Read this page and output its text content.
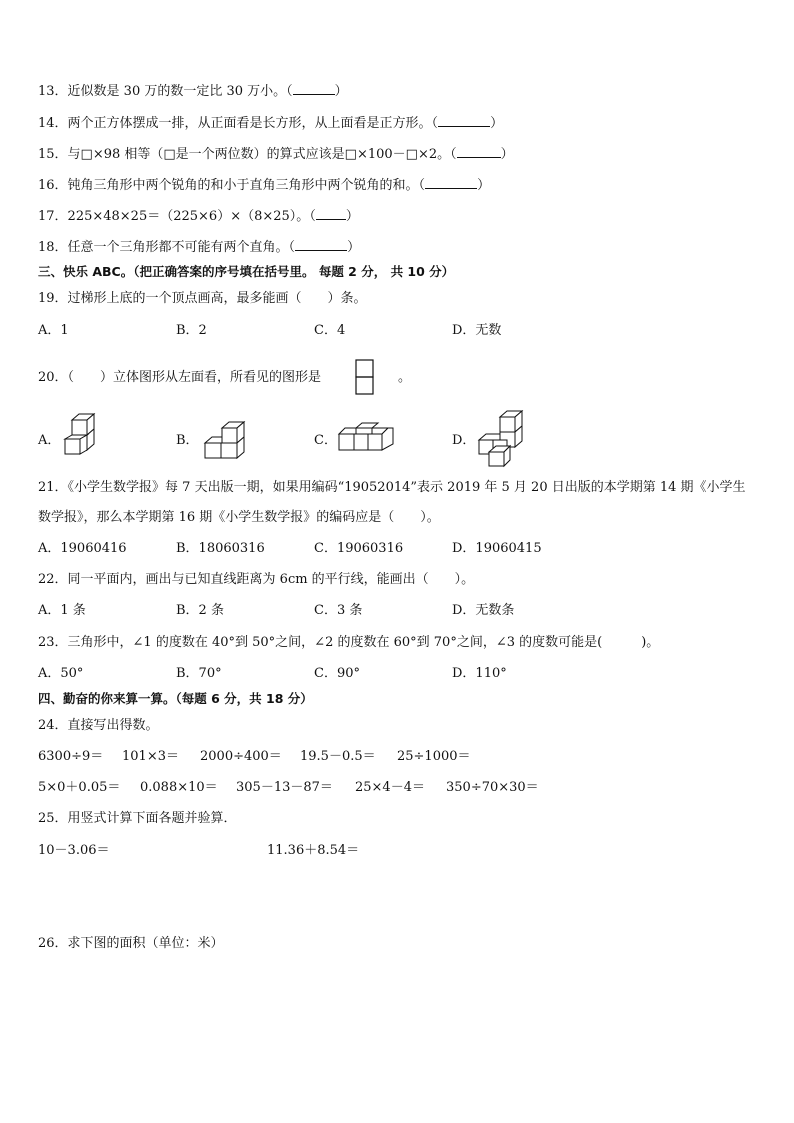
13．近似数是 30 万的数一定比 30 万小。（	）
14．两个正方体摆成一排，从正面看是长方形，从上面看是正方形。（	）
15．与□×98 相等（□是一个两位数）的算式应该是□×100－□×2。（	）
16．钝角三角形中两个锐角的和小于直角三角形中两个锐角的和。（	）
17．225×48×25＝（225×6）×（8×25）。（ ）
18．任意一个三角形都不可能有两个直角。（	）
三、快乐 ABC。（把正确答案的序号填在括号里。 每题 2 分， 共 10 分）
19．过梯形上底的一个顶点画高，最多能画（　　）条。
A．1	B．2	C．4	D．无数
20．（　　）立体图形从左面看，所看见的图形是	。
A．	B．	C．	D．
21．《小学生数学报》每 7 天出版一期，如果用编码“19052014”表示 2019 年 5 月 20 日出版的本学期第 14 期《小学生
数学报》，那么本学期第 16 期《小学生数学报》的编码应是（　　）。
A．19060416	B．18060316	C．19060316	D．19060415
22．同一平面内，画出与已知直线距离为 6cm 的平行线，能画出（　　）。
A．1 条	B．2 条	C．3 条	D．无数条
23．三角形中，∠1 的度数在 40°到 50°之间，∠2 的度数在 60°到 70°之间，∠3 的度数可能是(　　　)。
A．50°	B．70°	C．90°	D．110°
四、勤奋的你来算一算。（每题 6 分，共 18 分）
24．直接写出得数。
6300÷9＝ 101×3＝ 2000÷400＝ 19.5－0.5＝ 25÷1000＝
5×0＋0.05＝ 0.088×10＝ 305－13－87＝ 25×4－4＝ 350÷70×30＝
25．用竖式计算下面各题并验算．
10－3.06＝	11.36＋8.54＝
26．求下图的面积（单位：米）
